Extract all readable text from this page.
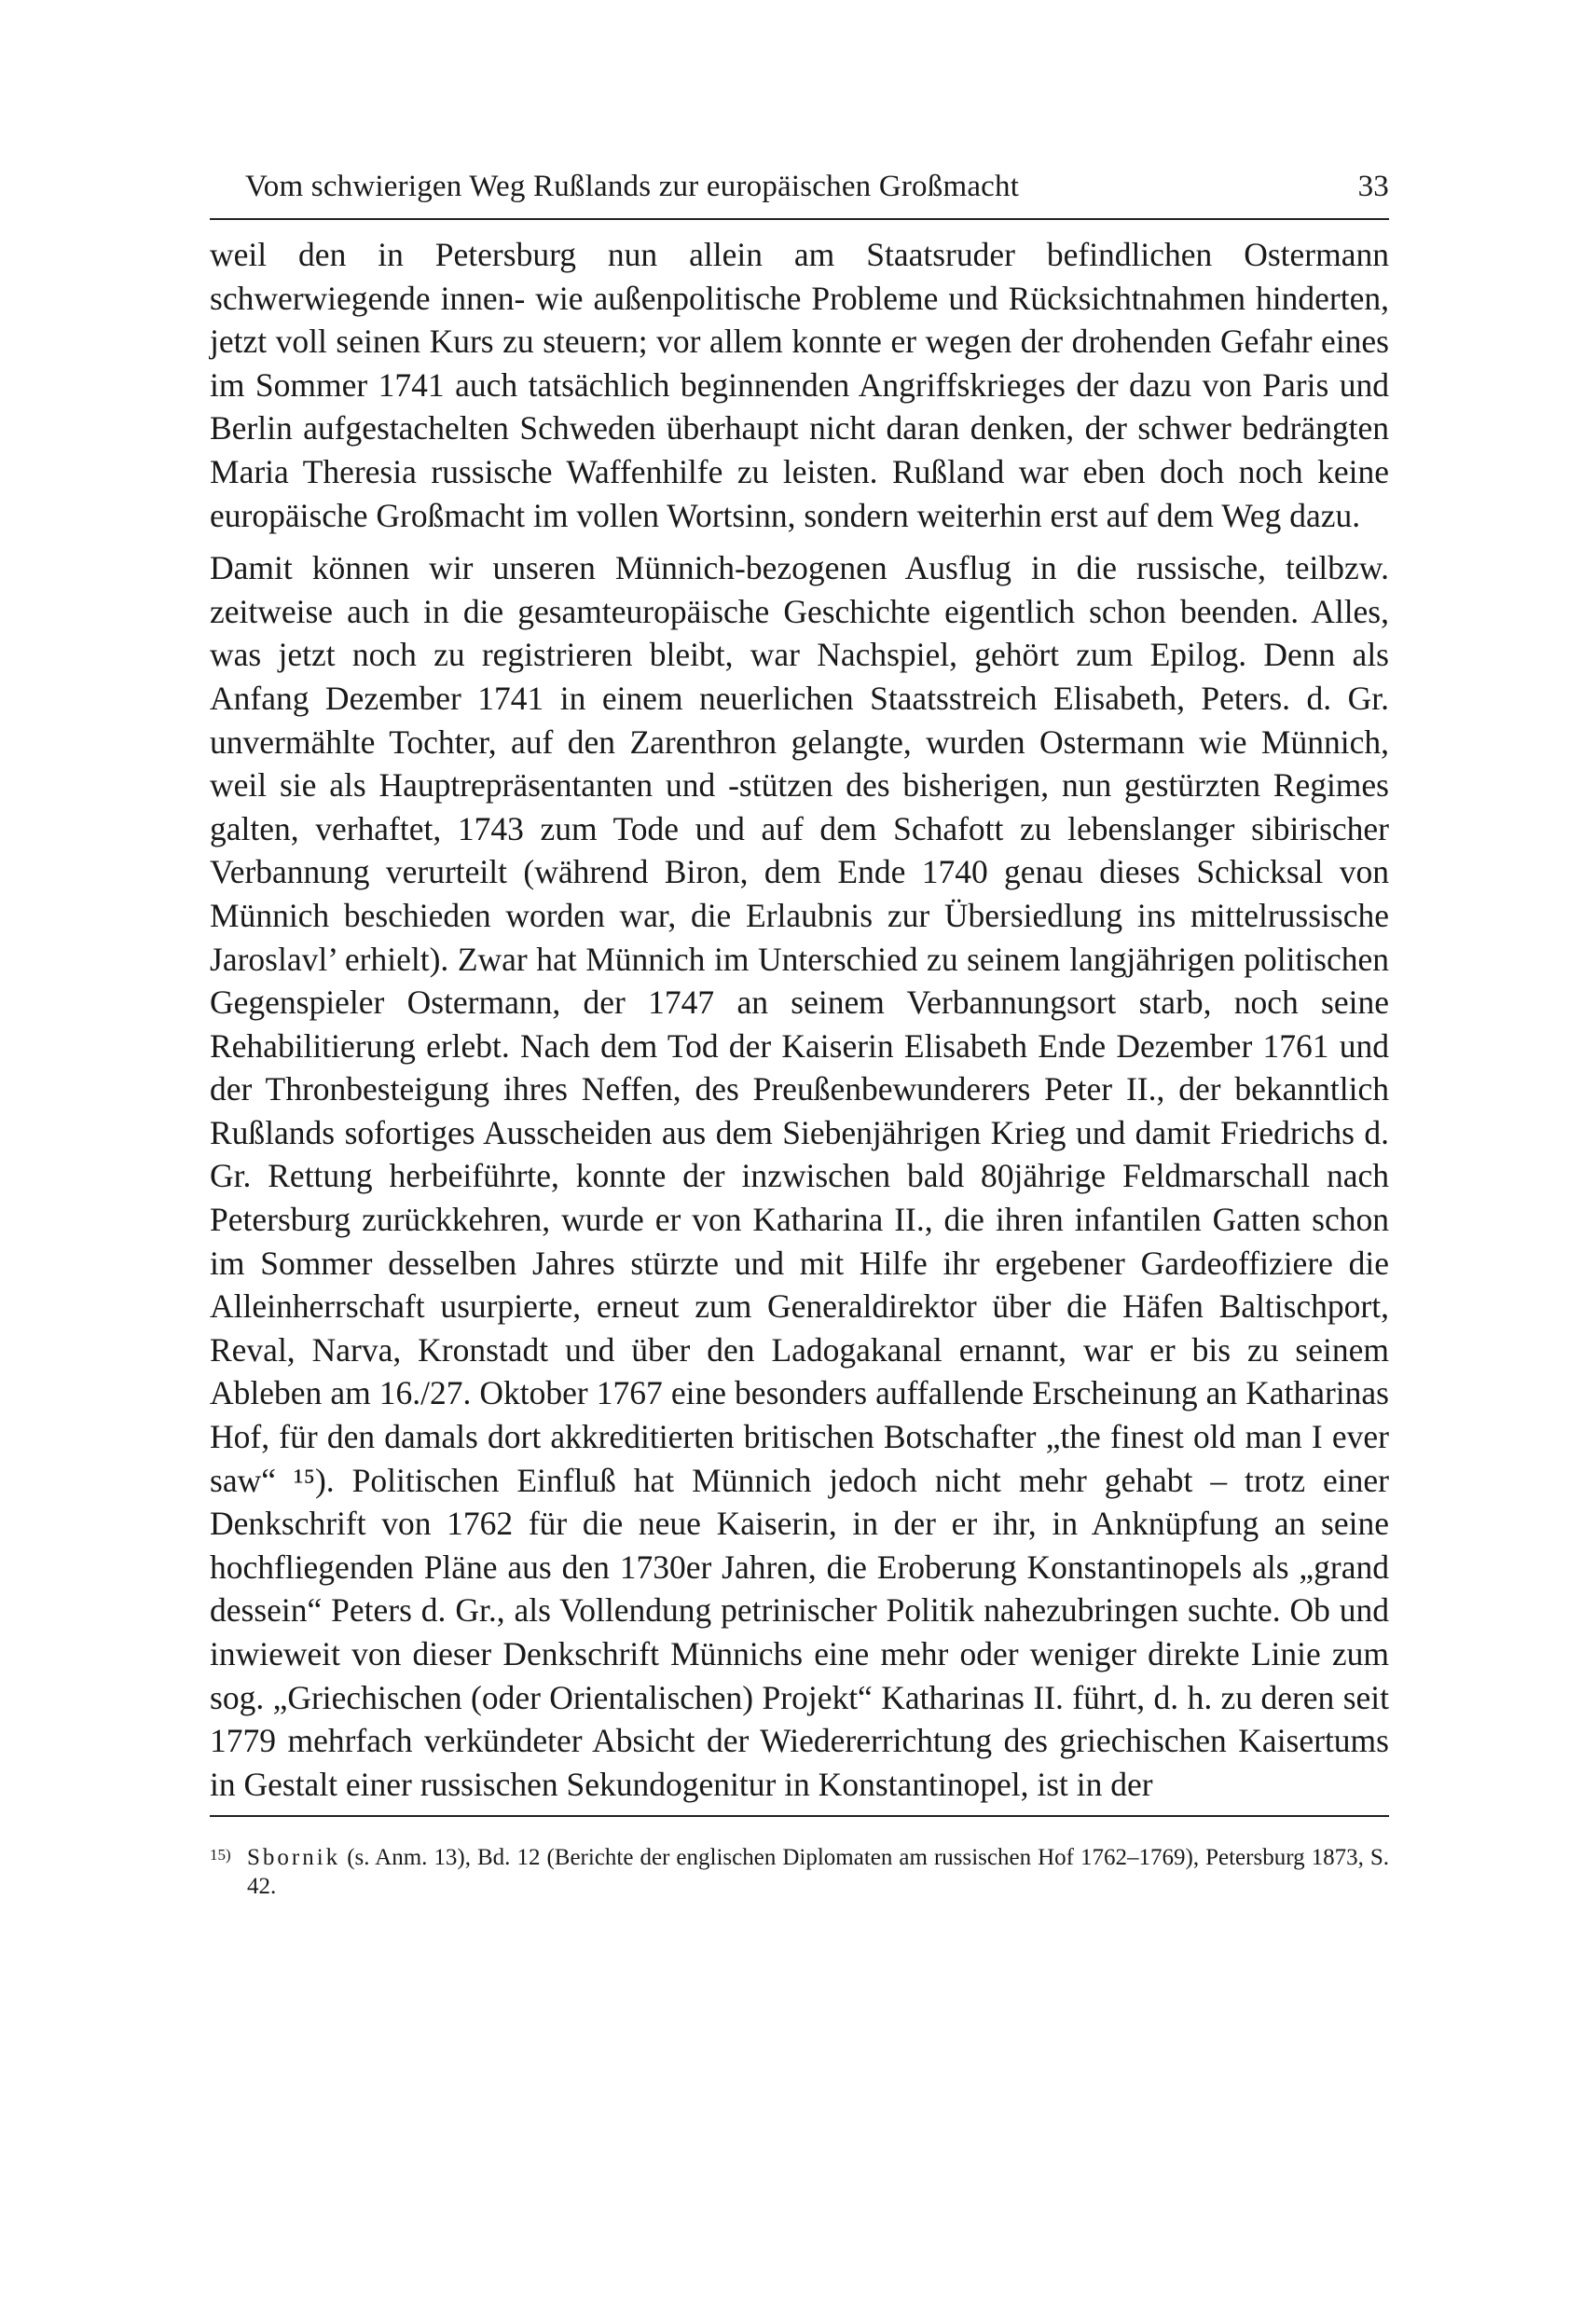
Vom schwierigen Weg Rußlands zur europäischen Großmacht	33

weil den in Petersburg nun allein am Staatsruder befindlichen Ostermann schwerwiegende innen- wie außenpolitische Probleme und Rücksichtnahmen hinderten, jetzt voll seinen Kurs zu steuern; vor allem konnte er wegen der drohenden Gefahr eines im Sommer 1741 auch tatsächlich beginnenden Angriffskrieges der dazu von Paris und Berlin aufgestachelten Schweden überhaupt nicht daran denken, der schwer bedrängten Maria Theresia russische Waffenhilfe zu leisten. Rußland war eben doch noch keine europäische Großmacht im vollen Wortsinn, sondern weiterhin erst auf dem Weg dazu.

Damit können wir unseren Münnich-bezogenen Ausflug in die russische, teilbzw. zeitweise auch in die gesamteuropäische Geschichte eigentlich schon beenden. Alles, was jetzt noch zu registrieren bleibt, war Nachspiel, gehört zum Epilog. Denn als Anfang Dezember 1741 in einem neuerlichen Staatsstreich Elisabeth, Peters. d. Gr. unvermählte Tochter, auf den Zarenthron gelangte, wurden Ostermann wie Münnich, weil sie als Hauptrepräsentanten und -stützen des bisherigen, nun gestürzten Regimes galten, verhaftet, 1743 zum Tode und auf dem Schafott zu lebenslanger sibirischer Verbannung verurteilt (während Biron, dem Ende 1740 genau dieses Schicksal von Münnich beschieden worden war, die Erlaubnis zur Übersiedlung ins mittelrussische Jaroslavl’ erhielt). Zwar hat Münnich im Unterschied zu seinem langjährigen politischen Gegenspieler Ostermann, der 1747 an seinem Verbannungsort starb, noch seine Rehabilitierung erlebt. Nach dem Tod der Kaiserin Elisabeth Ende Dezember 1761 und der Thronbesteigung ihres Neffen, des Preußenbewunderers Peter II., der bekanntlich Rußlands sofortiges Ausscheiden aus dem Siebenjährigen Krieg und damit Friedrichs d. Gr. Rettung herbeiführte, konnte der inzwischen bald 80jährige Feldmarschall nach Petersburg zurückkehren, wurde er von Katharina II., die ihren infantilen Gatten schon im Sommer desselben Jahres stürzte und mit Hilfe ihr ergebener Gardeoffiziere die Alleinherrschaft usurpierte, erneut zum Generaldirektor über die Häfen Baltischport, Reval, Narva, Kronstadt und über den Ladogakanal ernannt, war er bis zu seinem Ableben am 16./27. Oktober 1767 eine besonders auffallende Erscheinung an Katharinas Hof, für den damals dort akkreditierten britischen Botschafter „the finest old man I ever saw“ ¹⁵). Politischen Einfluß hat Münnich jedoch nicht mehr gehabt – trotz einer Denkschrift von 1762 für die neue Kaiserin, in der er ihr, in Anknüpfung an seine hochfliegenden Pläne aus den 1730er Jahren, die Eroberung Konstantinopels als „grand dessein“ Peters d. Gr., als Vollendung petrinischer Politik nahezubringen suchte. Ob und inwieweit von dieser Denkschrift Münnichs eine mehr oder weniger direkte Linie zum sog. „Griechischen (oder Orientalischen) Projekt“ Katharinas II. führt, d. h. zu deren seit 1779 mehrfach verkündeter Absicht der Wiedererrichtung des griechischen Kaisertums in Gestalt einer russischen Sekundogenitur in Konstantinopel, ist in der

15) Sbornik (s. Anm. 13), Bd. 12 (Berichte der englischen Diplomaten am russischen Hof 1762–1769), Petersburg 1873, S. 42.
